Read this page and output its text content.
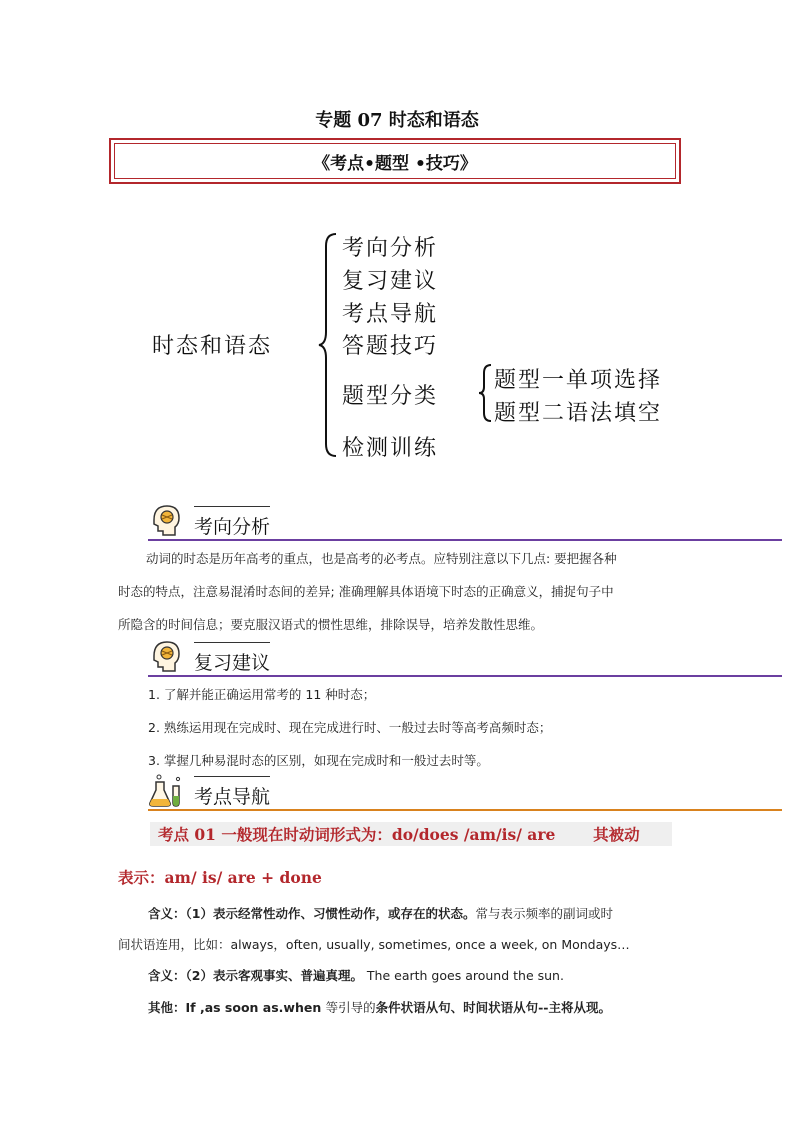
专题 07 时态和语态
《考点•题型 •技巧》
时态和语态
考向分析
复习建议
考点导航
答题技巧
题型分类
检测训练
题型一单项选择
题型二语法填空
考向分析

动词的时态是历年高考的重点，也是高考的必考点。应特别注意以下几点: 要把握各种

时态的特点，注意易混淆时态间的差异; 准确理解具体语境下时态的正确意义，捕捉句子中

所隐含的时间信息；要克服汉语式的惯性思维，排除误导，培养发散性思维。

复习建议
1. 了解并能正确运用常考的 11 种时态；
2. 熟练运用现在完成时、现在完成进行时、一般过去时等高考高频时态；
3. 掌握几种易混时态的区别，如现在完成时和一般过去时等。
考点导航
考点 01 一般现在时动词形式为：do/does /am/is/ are       其被动
表示：am/ is/ are + done
含义：（1）表示经常性动作、习惯性动作，或存在的状态。常与表示频率的副词或时
间状语连用，比如：always，often, usually, sometimes, once a week, on Mondays…
含义：（2）表示客观事实、普遍真理。 The earth goes around the sun.
其他：If ,as soon as.when 等引导的条件状语从句、时间状语从句--主将从现。
